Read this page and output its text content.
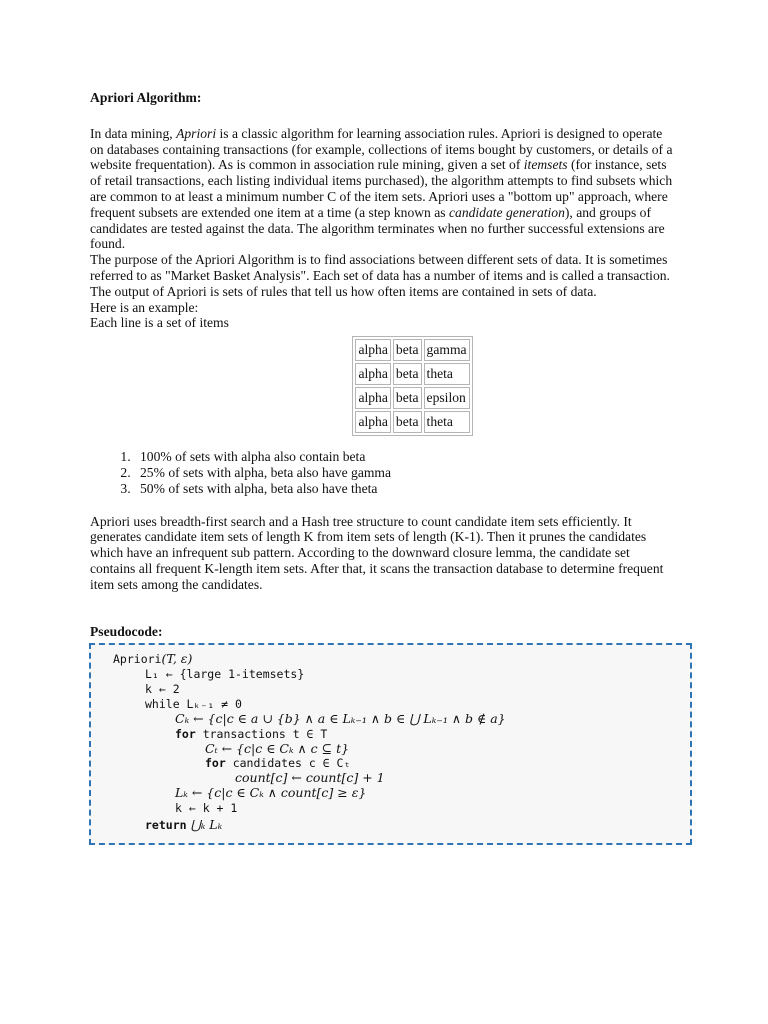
Apriori Algorithm:

In data mining, Apriori is a classic algorithm for learning association rules. Apriori is designed to operate on databases containing transactions (for example, collections of items bought by customers, or details of a website frequentation). As is common in association rule mining, given a set of itemsets (for instance, sets of retail transactions, each listing individual items purchased), the algorithm attempts to find subsets which are common to at least a minimum number C of the item sets. Apriori uses a "bottom up" approach, where frequent subsets are extended one item at a time (a step known as candidate generation), and groups of candidates are tested against the data. The algorithm terminates when no further successful extensions are found.

The purpose of the Apriori Algorithm is to find associations between different sets of data. It is sometimes referred to as "Market Basket Analysis". Each set of data has a number of items and is called a transaction. The output of Apriori is sets of rules that tell us how often items are contained in sets of data.

Here is an example:

Each line is a set of items

alpha	beta	gamma
alpha	beta	theta
alpha	beta	epsilon
alpha	beta	theta
1. 100% of sets with alpha also contain beta
2. 25% of sets with alpha, beta also have gamma
3. 50% of sets with alpha, beta also have theta

Apriori uses breadth-first search and a Hash tree structure to count candidate item sets efficiently. It generates candidate item sets of length K from item sets of length (K-1). Then it prunes the candidates which have an infrequent sub pattern. According to the downward closure lemma, the candidate set contains all frequent K-length item sets. After that, it scans the transaction database to determine frequent item sets among the candidates.

Pseudocode:

Apriori(T, ε)
L₁ ← {large 1-itemsets}
k ← 2
while Lₖ₋₁ ≠ 0
Cₖ ← {c|c ∈ a ∪ {b} ∧ a ∈ Lₖ₋₁ ∧ b ∈ ⋃ Lₖ₋₁ ∧ b ∉ a}
for transactions t ∈ T
Cₜ ← {c|c ∈ Cₖ ∧ c ⊆ t}
for candidates c ∈ Cₜ
count[c] ← count[c] + 1
Lₖ ← {c|c ∈ Cₖ ∧ count[c] ≥ ε}
k ← k + 1
return ⋃ₖ Lₖ
